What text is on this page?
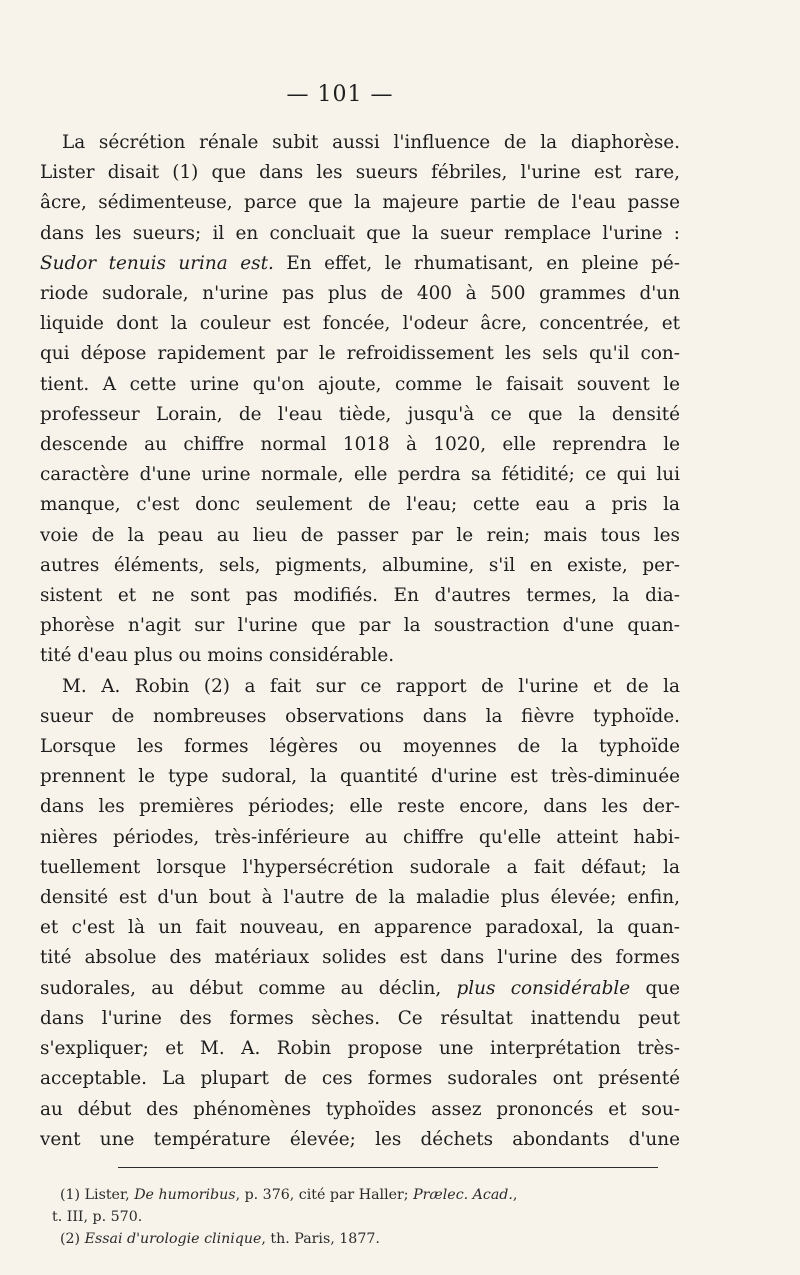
— 101 —
La sécrétion rénale subit aussi l'influence de la diaphorèse.
Lister disait (1) que dans les sueurs fébriles, l'urine est rare,
âcre, sédimenteuse, parce que la majeure partie de l'eau passe
dans les sueurs; il en concluait que la sueur remplace l'urine :
Sudor tenuis urina est. En effet, le rhumatisant, en pleine pé-
riode sudorale, n'urine pas plus de 400 à 500 grammes d'un
liquide dont la couleur est foncée, l'odeur âcre, concentrée, et
qui dépose rapidement par le refroidissement les sels qu'il con-
tient. A cette urine qu'on ajoute, comme le faisait souvent le
professeur Lorain, de l'eau tiède, jusqu'à ce que la densité
descende au chiffre normal 1018 à 1020, elle reprendra le
caractère d'une urine normale, elle perdra sa fétidité; ce qui lui
manque, c'est donc seulement de l'eau; cette eau a pris la
voie de la peau au lieu de passer par le rein; mais tous les
autres éléments, sels, pigments, albumine, s'il en existe, per-
sistent et ne sont pas modifiés. En d'autres termes, la dia-
phorèse n'agit sur l'urine que par la soustraction d'une quan-
tité d'eau plus ou moins considérable.
M. A. Robin (2) a fait sur ce rapport de l'urine et de la
sueur de nombreuses observations dans la fièvre typhoïde.
Lorsque les formes légères ou moyennes de la typhoïde
prennent le type sudoral, la quantité d'urine est très-diminuée
dans les premières périodes; elle reste encore, dans les der-
nières périodes, très-inférieure au chiffre qu'elle atteint habi-
tuellement lorsque l'hypersécrétion sudorale a fait défaut; la
densité est d'un bout à l'autre de la maladie plus élevée; enfin,
et c'est là un fait nouveau, en apparence paradoxal, la quan-
tité absolue des matériaux solides est dans l'urine des formes
sudorales, au début comme au déclin, plus considérable que
dans l'urine des formes sèches. Ce résultat inattendu peut
s'expliquer; et M. A. Robin propose une interprétation très-
acceptable. La plupart de ces formes sudorales ont présenté
au début des phénomènes typhoïdes assez prononcés et sou-
vent une température élevée; les déchets abondants d'une
(1) Lister, De humoribus, p. 376, cité par Haller; Prælec. Acad.,
t. III, p. 570.
(2) Essai d'urologie clinique, th. Paris, 1877.
